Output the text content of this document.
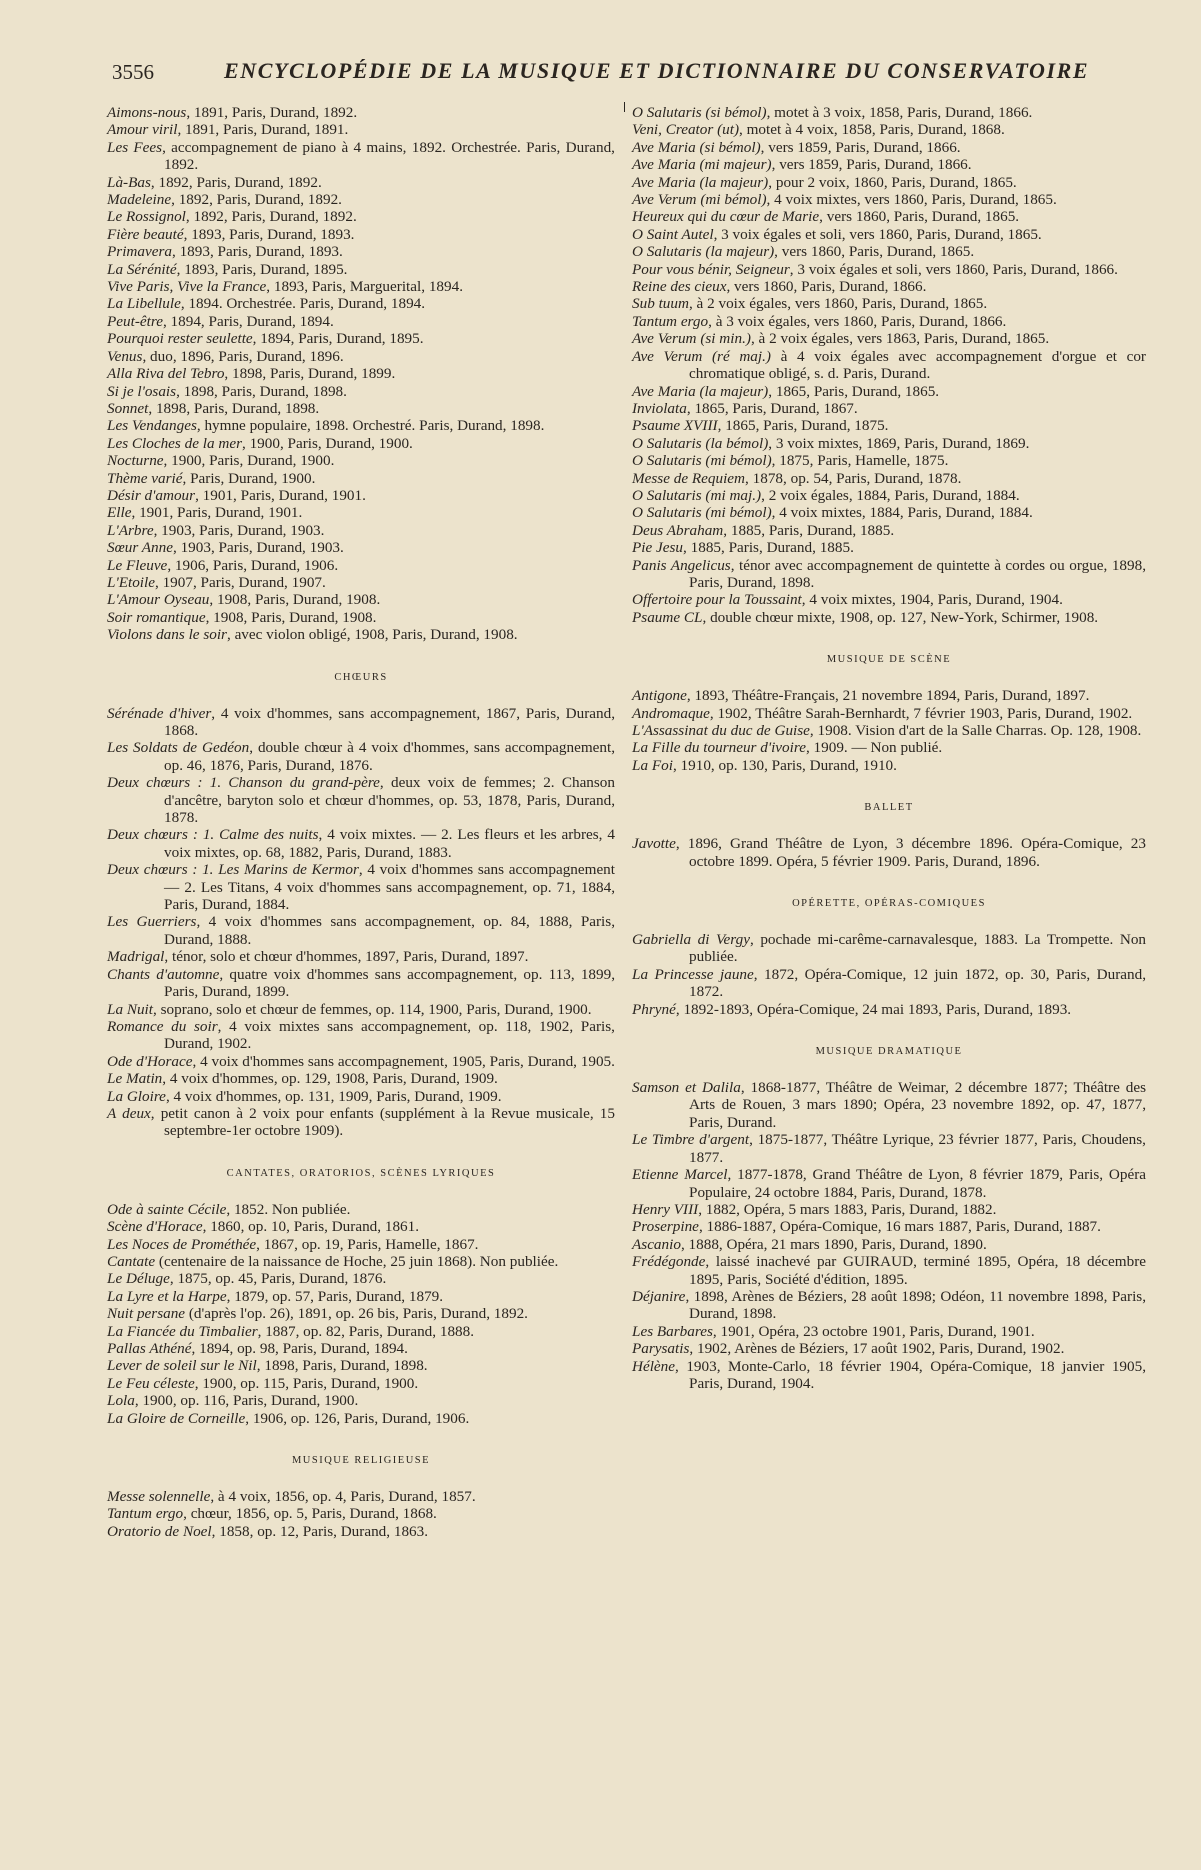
3556	ENCYCLOPÉDIE DE LA MUSIQUE ET DICTIONNAIRE DU CONSERVATOIRE
Aimons-nous, 1891, Paris, Durand, 1892.
Amour viril, 1891, Paris, Durand, 1891.
Les Fees, accompagnement de piano à 4 mains, 1892. Orchestrée. Paris, Durand, 1892.
Là-Bas, 1892, Paris, Durand, 1892.
Madeleine, 1892, Paris, Durand, 1892.
Le Rossignol, 1892, Paris, Durand, 1892.
Fière beauté, 1893, Paris, Durand, 1893.
Primavera, 1893, Paris, Durand, 1893.
La Sérénité, 1893, Paris, Durand, 1895.
Vive Paris, Vive la France, 1893, Paris, Marguerital, 1894.
La Libellule, 1894. Orchestrée. Paris, Durand, 1894.
Peut-être, 1894, Paris, Durand, 1894.
Pourquoi rester seulette, 1894, Paris, Durand, 1895.
Venus, duo, 1896, Paris, Durand, 1896.
Alla Riva del Tebro, 1898, Paris, Durand, 1899.
Si je l'osais, 1898, Paris, Durand, 1898.
Sonnet, 1898, Paris, Durand, 1898.
Les Vendanges, hymne populaire, 1898. Orchestré. Paris, Durand, 1898.
Les Cloches de la mer, 1900, Paris, Durand, 1900.
Nocturne, 1900, Paris, Durand, 1900.
Thème varié, Paris, Durand, 1900.
Désir d'amour, 1901, Paris, Durand, 1901.
Elle, 1901, Paris, Durand, 1901.
L'Arbre, 1903, Paris, Durand, 1903.
Sœur Anne, 1903, Paris, Durand, 1903.
Le Fleuve, 1906, Paris, Durand, 1906.
L'Etoile, 1907, Paris, Durand, 1907.
L'Amour Oyseau, 1908, Paris, Durand, 1908.
Soir romantique, 1908, Paris, Durand, 1908.
Violons dans le soir, avec violon obligé, 1908, Paris, Durand, 1908.
CHŒURS
Sérénade d'hiver, 4 voix d'hommes, sans accompagnement, 1867, Paris, Durand, 1868.
Les Soldats de Gedéon, double chœur à 4 voix d'hommes, sans accompagnement, op. 46, 1876, Paris, Durand, 1876.
Deux chœurs : 1. Chanson du grand-père, deux voix de femmes; 2. Chanson d'ancêtre, baryton solo et chœur d'hommes, op. 53, 1878, Paris, Durand, 1878.
Deux chœurs : 1. Calme des nuits, 4 voix mixtes. — 2. Les fleurs et les arbres, 4 voix mixtes, op. 68, 1882, Paris, Durand, 1883.
Deux chœurs : 1. Les Marins de Kermor, 4 voix d'hommes sans accompagnement — 2. Les Titans, 4 voix d'hommes sans accompagnement, op. 71, 1884, Paris, Durand, 1884.
Les Guerriers, 4 voix d'hommes sans accompagnement, op. 84, 1888, Paris, Durand, 1888.
Madrigal, ténor, solo et chœur d'hommes, 1897, Paris, Durand, 1897.
Chants d'automne, quatre voix d'hommes sans accompagnement, op. 113, 1899, Paris, Durand, 1899.
La Nuit, soprano, solo et chœur de femmes, op. 114, 1900, Paris, Durand, 1900.
Romance du soir, 4 voix mixtes sans accompagnement, op. 118, 1902, Paris, Durand, 1902.
Ode d'Horace, 4 voix d'hommes sans accompagnement, 1905, Paris, Durand, 1905.
Le Matin, 4 voix d'hommes, op. 129, 1908, Paris, Durand, 1909.
La Gloire, 4 voix d'hommes, op. 131, 1909, Paris, Durand, 1909.
A deux, petit canon à 2 voix pour enfants (supplément à la Revue musicale, 15 septembre-1er octobre 1909).
CANTATES, ORATORIOS, SCÈNES LYRIQUES
Ode à sainte Cécile, 1852. Non publiée.
Scène d'Horace, 1860, op. 10, Paris, Durand, 1861.
Les Noces de Prométhée, 1867, op. 19, Paris, Hamelle, 1867.
Cantate (centenaire de la naissance de Hoche, 25 juin 1868). Non publiée.
Le Déluge, 1875, op. 45, Paris, Durand, 1876.
La Lyre et la Harpe, 1879, op. 57, Paris, Durand, 1879.
Nuit persane (d'après l'op. 26), 1891, op. 26 bis, Paris, Durand, 1892.
La Fiancée du Timbalier, 1887, op. 82, Paris, Durand, 1888.
Pallas Athéné, 1894, op. 98, Paris, Durand, 1894.
Lever de soleil sur le Nil, 1898, Paris, Durand, 1898.
Le Feu céleste, 1900, op. 115, Paris, Durand, 1900.
Lola, 1900, op. 116, Paris, Durand, 1900.
La Gloire de Corneille, 1906, op. 126, Paris, Durand, 1906.
MUSIQUE RELIGIEUSE
Messe solennelle, à 4 voix, 1856, op. 4, Paris, Durand, 1857.
Tantum ergo, chœur, 1856, op. 5, Paris, Durand, 1868.
Oratorio de Noel, 1858, op. 12, Paris, Durand, 1863.
O Salutaris (si bémol), motet à 3 voix, 1858, Paris, Durand, 1866.
Veni, Creator (ut), motet à 4 voix, 1858, Paris, Durand, 1868.
Ave Maria (si bémol), vers 1859, Paris, Durand, 1866.
Ave Maria (mi majeur), vers 1859, Paris, Durand, 1866.
Ave Maria (la majeur), pour 2 voix, 1860, Paris, Durand, 1865.
Ave Verum (mi bémol), 4 voix mixtes, vers 1860, Paris, Durand, 1865.
Heureux qui du cœur de Marie, vers 1860, Paris, Durand, 1865.
O Saint Autel, 3 voix égales et soli, vers 1860, Paris, Durand, 1865.
O Salutaris (la majeur), vers 1860, Paris, Durand, 1865.
Pour vous bénir, Seigneur, 3 voix égales et soli, vers 1860, Paris, Durand, 1866.
Reine des cieux, vers 1860, Paris, Durand, 1866.
Sub tuum, à 2 voix égales, vers 1860, Paris, Durand, 1865.
Tantum ergo, à 3 voix égales, vers 1860, Paris, Durand, 1866.
Ave Verum (si min.), à 2 voix égales, vers 1863, Paris, Durand, 1865.
Ave Verum (ré maj.) à 4 voix égales avec accompagnement d'orgue et cor chromatique obligé, s. d. Paris, Durand.
Ave Maria (la majeur), 1865, Paris, Durand, 1865.
Inviolata, 1865, Paris, Durand, 1867.
Psaume XVIII, 1865, Paris, Durand, 1875.
O Salutaris (la bémol), 3 voix mixtes, 1869, Paris, Durand, 1869.
O Salutaris (mi bémol), 1875, Paris, Hamelle, 1875.
Messe de Requiem, 1878, op. 54, Paris, Durand, 1878.
O Salutaris (mi maj.), 2 voix égales, 1884, Paris, Durand, 1884.
O Salutaris (mi bémol), 4 voix mixtes, 1884, Paris, Durand, 1884.
Deus Abraham, 1885, Paris, Durand, 1885.
Pie Jesu, 1885, Paris, Durand, 1885.
Panis Angelicus, ténor avec accompagnement de quintette à cordes ou orgue, 1898, Paris, Durand, 1898.
Offertoire pour la Toussaint, 4 voix mixtes, 1904, Paris, Durand, 1904.
Psaume CL, double chœur mixte, 1908, op. 127, New-York, Schirmer, 1908.
MUSIQUE DE SCÈNE
Antigone, 1893, Théâtre-Français, 21 novembre 1894, Paris, Durand, 1897.
Andromaque, 1902, Théâtre Sarah-Bernhardt, 7 février 1903, Paris, Durand, 1902.
L'Assassinat du duc de Guise, 1908. Vision d'art de la Salle Charras. Op. 128, 1908.
La Fille du tourneur d'ivoire, 1909. — Non publié.
La Foi, 1910, op. 130, Paris, Durand, 1910.
BALLET
Javotte, 1896, Grand Théâtre de Lyon, 3 décembre 1896. Opéra-Comique, 23 octobre 1899. Opéra, 5 février 1909. Paris, Durand, 1896.
OPÉRETTE, OPÉRAS-COMIQUES
Gabriella di Vergy, pochade mi-carême-carnavalesque, 1883. La Trompette. Non publiée.
La Princesse jaune, 1872, Opéra-Comique, 12 juin 1872, op. 30, Paris, Durand, 1872.
Phryné, 1892-1893, Opéra-Comique, 24 mai 1893, Paris, Durand, 1893.
MUSIQUE DRAMATIQUE
Samson et Dalila, 1868-1877, Théâtre de Weimar, 2 décembre 1877; Théâtre des Arts de Rouen, 3 mars 1890; Opéra, 23 novembre 1892, op. 47, 1877, Paris, Durand.
Le Timbre d'argent, 1875-1877, Théâtre Lyrique, 23 février 1877, Paris, Choudens, 1877.
Etienne Marcel, 1877-1878, Grand Théâtre de Lyon, 8 février 1879, Paris, Opéra Populaire, 24 octobre 1884, Paris, Durand, 1878.
Henry VIII, 1882, Opéra, 5 mars 1883, Paris, Durand, 1882.
Proserpine, 1886-1887, Opéra-Comique, 16 mars 1887, Paris, Durand, 1887.
Ascanio, 1888, Opéra, 21 mars 1890, Paris, Durand, 1890.
Frédégonde, laissé inachevé par GUIRAUD, terminé 1895, Opéra, 18 décembre 1895, Paris, Société d'édition, 1895.
Déjanire, 1898, Arènes de Béziers, 28 août 1898; Odéon, 11 novembre 1898, Paris, Durand, 1898.
Les Barbares, 1901, Opéra, 23 octobre 1901, Paris, Durand, 1901.
Parysatis, 1902, Arènes de Béziers, 17 août 1902, Paris, Durand, 1902.
Hélène, 1903, Monte-Carlo, 18 février 1904, Opéra-Comique, 18 janvier 1905, Paris, Durand, 1904.
